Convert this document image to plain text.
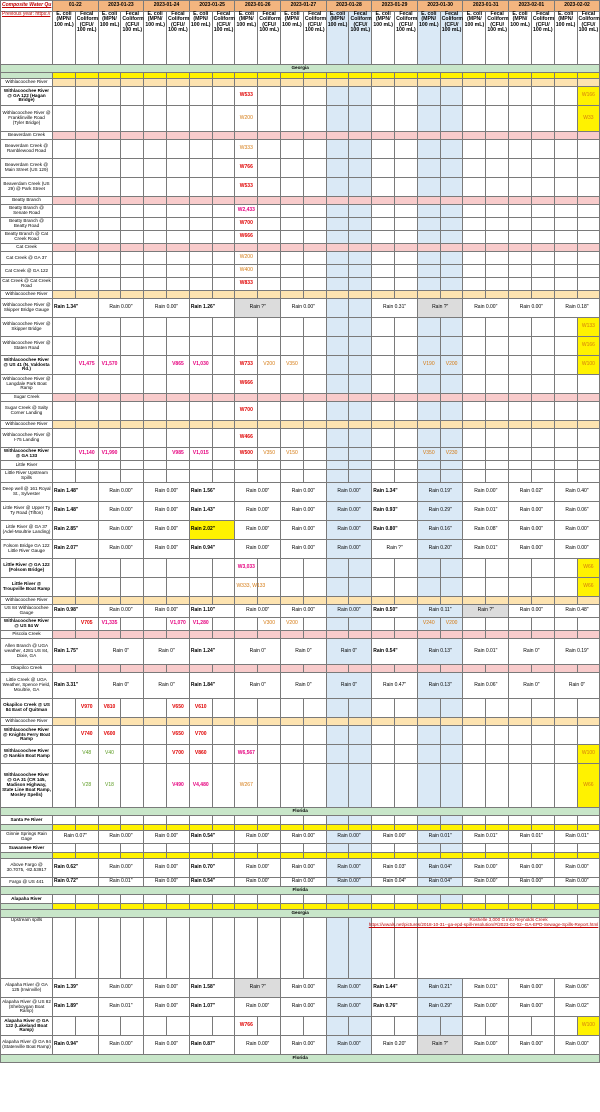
Composite Water Qu	01-22		2023-01-23		2023-01-24		2023-01-25		2023-01-26		2023-01-27		2023-01-28		2023-01-29		2023-01-30		2023-01-31		2023-02-01		2023-02-02	
Previous year: https://	E. coli (MPN/ 100 mL)	Fecal Coliform (CFU/ 100 mL)	E. coli (MPN/ 100 mL)	Fecal Coliform (CFU/ 100 mL)	E. coli (MPN/ 100 mL)	Fecal Coliform (CFU/ 100 mL)	E. coli (MPN/ 100 mL)	Fecal Coliform (CFU/ 100 mL)	E. coli (MPN/ 100 mL)	Fecal Coliform (CFU/ 100 mL)	E. coli (MPN/ 100 mL)	Fecal Coliform (CFU/ 100 mL)	E. coli (MPN/ 100 mL)	Fecal Coliform (CFU/ 100 mL)	E. coli (MPN/ 100 mL)	Fecal Coliform (CFU/ 100 mL)	E. coli (MPN/ 100 mL)	Fecal Coliform (CFU/ 100 mL)	E. coli (MPN/ 100 mL)	Fecal Coliform (CFU/ 100 mL)	E. coli (MPN/ 100 mL)	Fecal Coliform (CFU/ 100 mL)	E. coli (MPN/ 100 mL)	Fecal Coliform (CFU/ 100 mL)
Georgia																								

Withlacoochee River																								
Withlacoochee River @ GA 122 (Hagan Bridge)									W533															W166
Withlacoochee River @ Franklinville Road (Tyler Bridge)									W200															W33
Beaverdam Creek																								
Beaverdam Creek @ Ramblewood Road									W333															
Beaverdam Creek @ Main Street (US 129)									W766															
Beaverdam Creek (US 29) @ Park Street									W533															
Beatty Branch																								
Beatty Branch @ Senate Road									W2,433															
Beatty Branch @ Beatty Road									W700															
Beatty Branch @ Cat Creek Road									W666															
Cat Creek																								
Cat Creek @ GA 37									W200															
Cat Creek @ GA 122									W400															
Cat Creek @ Cat Creek Road									W833															
Withlacoochee River																								
Withlacoochee River @ Skipper Bridge Gauge	Rain 1.34"		Rain 0.00"		Rain 0.00"		Rain 1.26"		Rain ?"		Rain 0.00"				Rain 0.31"		Rain ?"		Rain 0.00"		Rain 0.00"		Rain 0.18"	
Withlacoochee River @ Skipper Bridge																								W133
Withlacoochee River @ Staten Road																								W166
Withlacoochee River @ US 41 (N. Valdosta Rd.)		V1,475	V1,570			V865	V1,030		W733	V200	V350						V190	V200						W100
Withlacoochee River @ Langdale Park Boat Ramp									W666															
Sugar Creek																								
Sugar Creek @ Salty Corner Landing									W700															
Withlacoochee River																								
Withlacoochee River @ I-75 Landing									W466															
Withlacoochee River @ GA 133		V1,140	V1,990			V985	V1,015		W500	V350	V150						V350	V230						
Little River																								
Little River Upstream Spills																								
Deep well @ 161 Royal St., Sylvester	Rain 1.48"		Rain 0.00"		Rain 0.00"		Rain 1.56"		Rain 0.00"		Rain 0.00"		Rain 0.00"		Rain 1.34"		Rain 0.19"		Rain 0.00"		Rain 0.02"		Rain 0.40"	
Little River @ Upper Ty Ty Road (Tifton)	Rain 1.48"		Rain 0.00"		Rain 0.00"		Rain 1.43"		Rain 0.00"		Rain 0.00"		Rain 0.00"		Rain 0.93"		Rain 0.29"		Rain 0.01"		Rain 0.00"		Rain 0.06"	
Little River @ GA 37 (Adel-Moultrie Landing)	Rain 2.85"		Rain 0.00"		Rain 0.00"		Rain 2.02"		Rain 0.00"		Rain 0.00"		Rain 0.00"		Rain 0.80"		Rain 0.16"		Rain 0.08"		Rain 0.00"		Rain 0.00"	
Folsom Bridge GA 122 Little River Gauge	Rain 2.07"		Rain 0.00"		Rain 0.00"		Rain 0.94"		Rain 0.00"		Rain 0.00"		Rain 0.00"		Rain ?"		Rain 0.20"		Rain 0.01"		Rain 0.00"		Rain 0.00"	
Little River @ GA 122 (Folsom Bridge)									W3,033															W66
Little River @ Troupville Boat Ramp									W333, W133															W66
Withlacoochee River																								
US 84 Withlacoochee Gauge	Rain 0.98"		Rain 0.00"		Rain 0.00"		Rain 1.10"		Rain 0.00"		Rain 0.00"		Rain 0.00"		Rain 0.50"		Rain 0.11"		Rain ?"		Rain 0.00"		Rain 0.48"	
Withlacoochee River @ US 84 W		V705	V1,335			V1,070	V1,280			V300	V200						V240	V200						
Piscola Creek																								
Allen Branch @ UGA weather, 4281 US 84, Dixie, GA	Rain 1.75"		Rain 0"		Rain 0"		Rain 1.24"		Rain 0"		Rain 0"		Rain 0"		Rain 0.54"		Rain 0.13"		Rain 0.01"		Rain 0"		Rain 0.19"	
Okapilco Creek																								
Little Creek @ UGA Weather, Spence Field, Moultrie, GA	Rain 3.31"		Rain 0"		Rain 0"		Rain 1.84"		Rain 0"		Rain 0"		Rain 0"		Rain 0.47"		Rain 0.13"		Rain 0.06"		Rain 0"		Rain 0"	
Okapilco Creek @ US 84 East of Quitman		V970	V810			V650	V610																	
Withlacoochee River																								
Withlacoochee River @ Knights Ferry Boat Ramp		V740	V600			V650	V700																	
Withlacoochee River @ Nankin Boat Ramp		V48	V40			V700	V860		W6,567															W100
Withlacoochee River @ GA 31 (CR 145, Madison Highway, State Line Boat Ramp, Mosley Spells)		V28	V18			V490	V4,480		W267															W66
Florida																								
Santa Fe River																								

Ginnie Springs Rain Gage	Rain 0.07"		Rain 0.00"		Rain 0.00"		Rain 0.54"		Rain 0.00"		Rain 0.00"		Rain 0.00"		Rain 0.00"		Rain 0.01"		Rain 0.01"		Rain 0.01"		Rain 0.01"	
Suwannee River																								

Above Fargo @ 30.7075, -82.53917	Rain 0.62"		Rain 0.00"		Rain 0.00"		Rain 0.70"		Rain 0.00"		Rain 0.00"		Rain 0.00"		Rain 0.03"		Rain 0.04"		Rain 0.00"		Rain 0.00"		Rain 0.00"	
Fargo @ US 441	Rain 0.72"		Rain 0.01"		Rain 0.00"		Rain 0.54"		Rain 0.00"		Rain 0.00"		Rain 0.00"		Rain 0.04"		Rain 0.04"		Rain 0.00"		Rain 0.00"		Rain 0.00"	
Florida																								
Alapaha River																								

Georgia																								
Upstream spills																	Roshelle 3,000 G into Reynolds Creek
https://wwals.net/pictures/2018-10-31--ga-epd-spill-resolution/#/2023-02-02--GA-EPD-Sewage-Spills-Report.html							

Alapaha River @ GA 125 (Irwinville)	Rain 1.39"		Rain 0.00"		Rain 0.00"		Rain 1.58"		Rain ?"		Rain 0.00"		Rain 0.00"		Rain 1.44"		Rain 0.21"		Rain 0.01"		Rain 0.00"		Rain 0.06"	
Alapaha River @ US 82 (Sheboygan Boat Ramp)	Rain 1.89"		Rain 0.01"		Rain 0.00"		Rain 1.07"		Rain 0.00"		Rain 0.00"		Rain 0.00"		Rain 0.76"		Rain 0.29"		Rain 0.00"		Rain 0.00"		Rain 0.02"	
Alapaha River @ GA 122 (Lakeland Boat Ramp)									W766															W100
Alapaha River @ GA 94 (Statenville Boat Ramp)	Rain 0.94"		Rain 0.00"		Rain 0.00"		Rain 0.87"		Rain 0.00"		Rain 0.00"		Rain 0.00"		Rain 0.20"		Rain ?"		Rain 0.00"		Rain 0.00"		Rain 0.00"	
Florida																								
